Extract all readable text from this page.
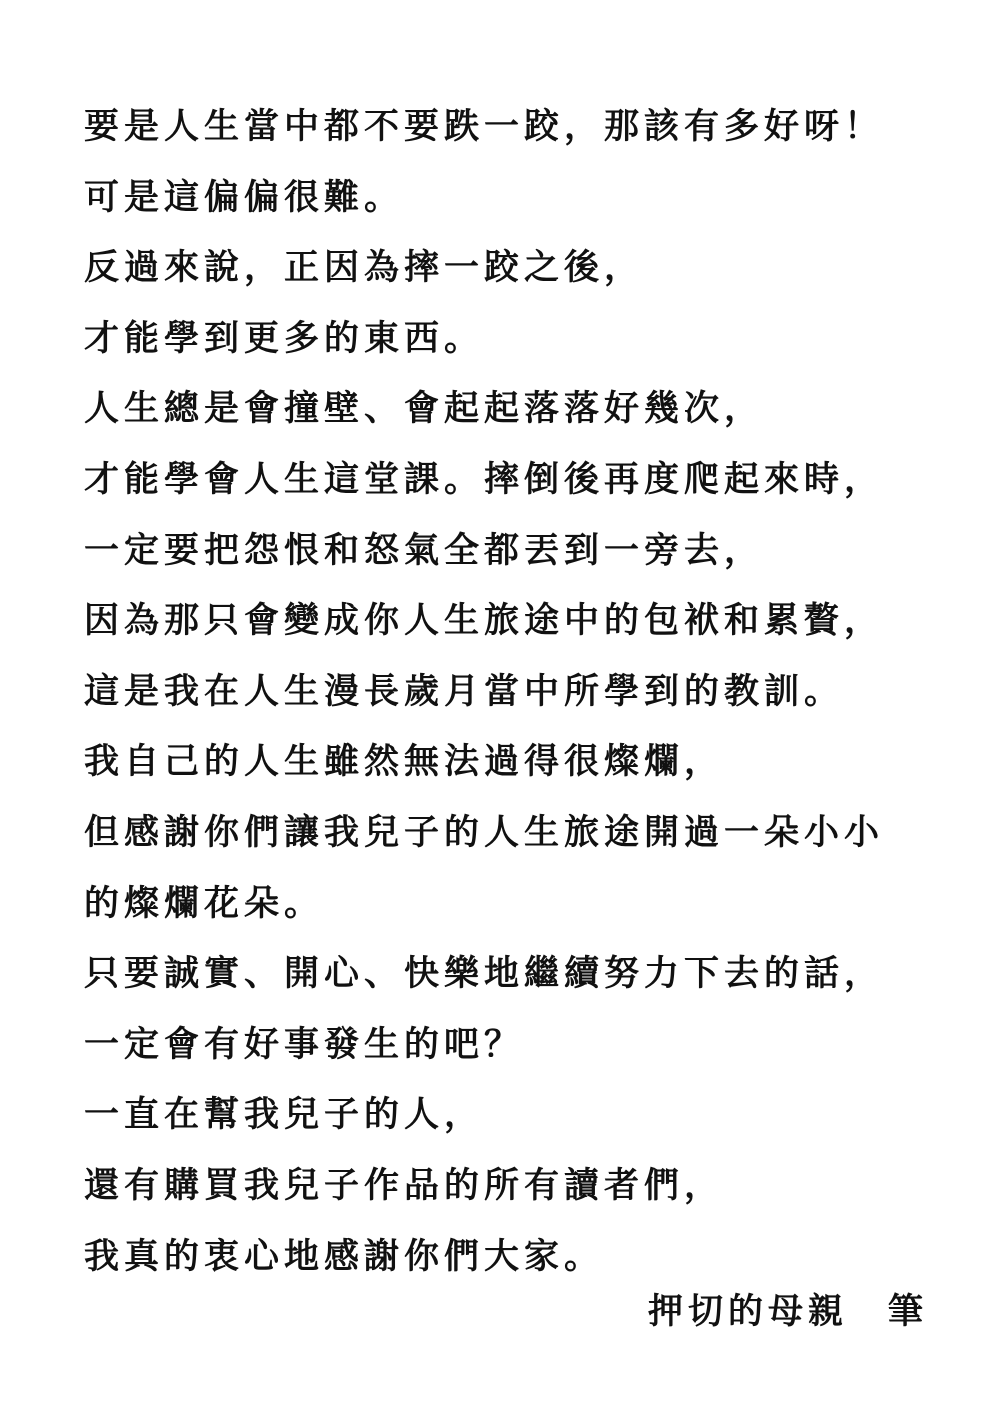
要是人生當中都不要跌一跤，那該有多好呀！
可是這偏偏很難。
反過來說，正因為摔一跤之後，
才能學到更多的東西。
人生總是會撞壁、會起起落落好幾次，
才能學會人生這堂課。摔倒後再度爬起來時，
一定要把怨恨和怒氣全都丟到一旁去，
因為那只會變成你人生旅途中的包袱和累贅，
這是我在人生漫長歲月當中所學到的教訓。
我自己的人生雖然無法過得很燦爛，
但感謝你們讓我兒子的人生旅途開過一朵小小
的燦爛花朵。
只要誠實、開心、快樂地繼續努力下去的話，
一定會有好事發生的吧？
一直在幫我兒子的人，
還有購買我兒子作品的所有讀者們，
我真的衷心地感謝你們大家。
押切的母親　筆
